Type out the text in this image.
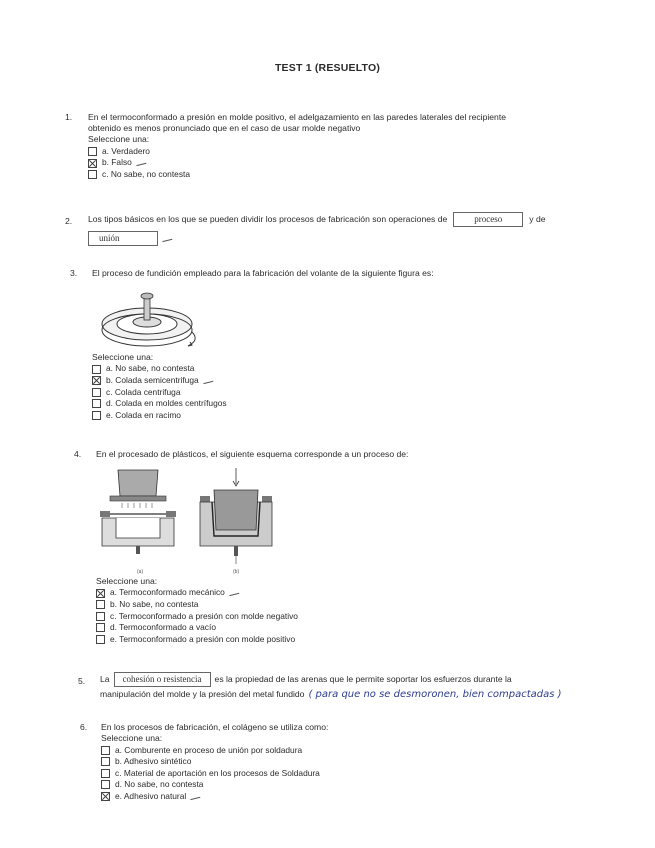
TEST 1 (RESUELTO)
1. En el termoconformado a presión en molde positivo, el adelgazamiento en las paredes laterales del recipiente
obtenido es menos pronunciado que en el caso de usar molde negativo
Seleccione una:
a. Verdadero
b. Falso
c. No sabe, no contesta
2. Los tipos básicos en los que se pueden dividir los procesos de fabricación son operaciones de	proceso	y de
unión
3. El proceso de fundición empleado para la fabricación del volante de la siguiente figura es:
Seleccione una:
a. No sabe, no contesta
b. Colada semicentrifuga
c. Colada centrifuga
d. Colada en moldes centrífugos
e. Colada en racimo
4. En el procesado de plásticos, el siguiente esquema corresponde a un proceso de:
(a)	(b)
Seleccione una:
a. Termoconformado mecánico
b. No sabe, no contesta
c. Termoconformado a presión con molde negativo
d. Termoconformado a vacío
e. Termoconformado a presión con molde positivo
5. La	cohesión o resistencia	es la propiedad de las arenas que le permite soportar los esfuerzos durante la
manipulación del molde y la presión del metal fundido ( para que no se desmoronen, bien compactadas )
6. En los procesos de fabricación, el colágeno se utiliza como:
Seleccione una:
a. Comburente en proceso de unión por soldadura
b. Adhesivo sintético
c. Material de aportación en los procesos de Soldadura
d. No sabe, no contesta
e. Adhesivo natural
